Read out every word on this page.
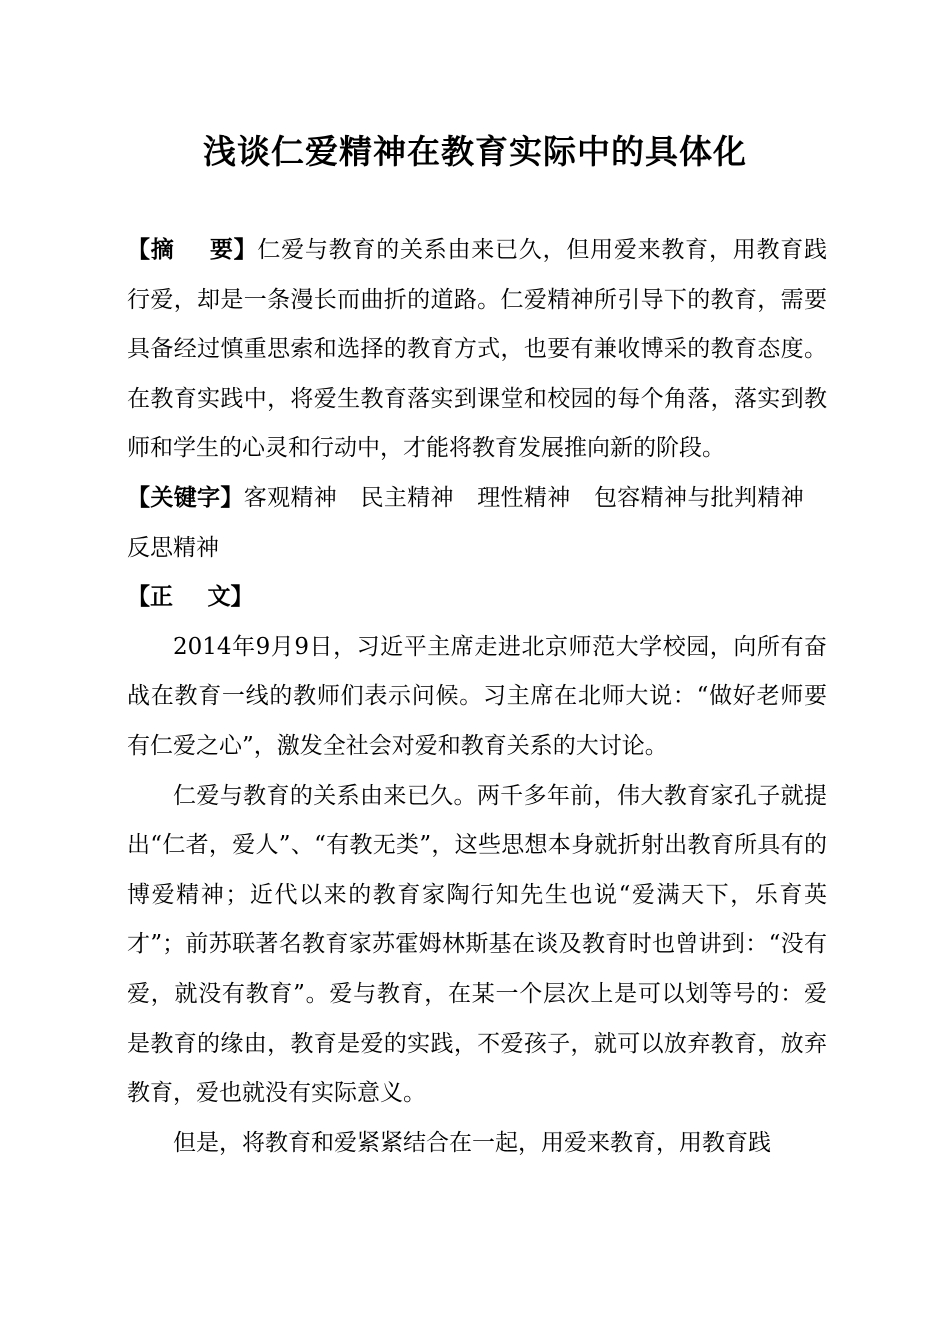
浅谈仁爱精神在教育实际中的具体化

【摘 要】仁爱与教育的关系由来已久，但用爱来教育，用教育践行爱，却是一条漫长而曲折的道路。仁爱精神所引导下的教育，需要具备经过慎重思索和选择的教育方式，也要有兼收博采的教育态度。在教育实践中，将爱生教育落实到课堂和校园的每个角落，落实到教师和学生的心灵和行动中，才能将教育发展推向新的阶段。

【关键字】客观精神 民主精神 理性精神 包容精神与批判精神反思精神

【正 文】

2014年9月9日，习近平主席走进北京师范大学校园，向所有奋战在教育一线的教师们表示问候。习主席在北师大说：“做好老师要有仁爱之心”，激发全社会对爱和教育关系的大讨论。

仁爱与教育的关系由来已久。两千多年前，伟大教育家孔子就提出“仁者，爱人”、“有教无类”，这些思想本身就折射出教育所具有的博爱精神；近代以来的教育家陶行知先生也说“爱满天下，乐育英才”；前苏联著名教育家苏霍姆林斯基在谈及教育时也曾讲到：“没有爱，就没有教育”。爱与教育，在某一个层次上是可以划等号的：爱是教育的缘由，教育是爱的实践，不爱孩子，就可以放弃教育，放弃教育，爱也就没有实际意义。

但是，将教育和爱紧紧结合在一起，用爱来教育，用教育践
